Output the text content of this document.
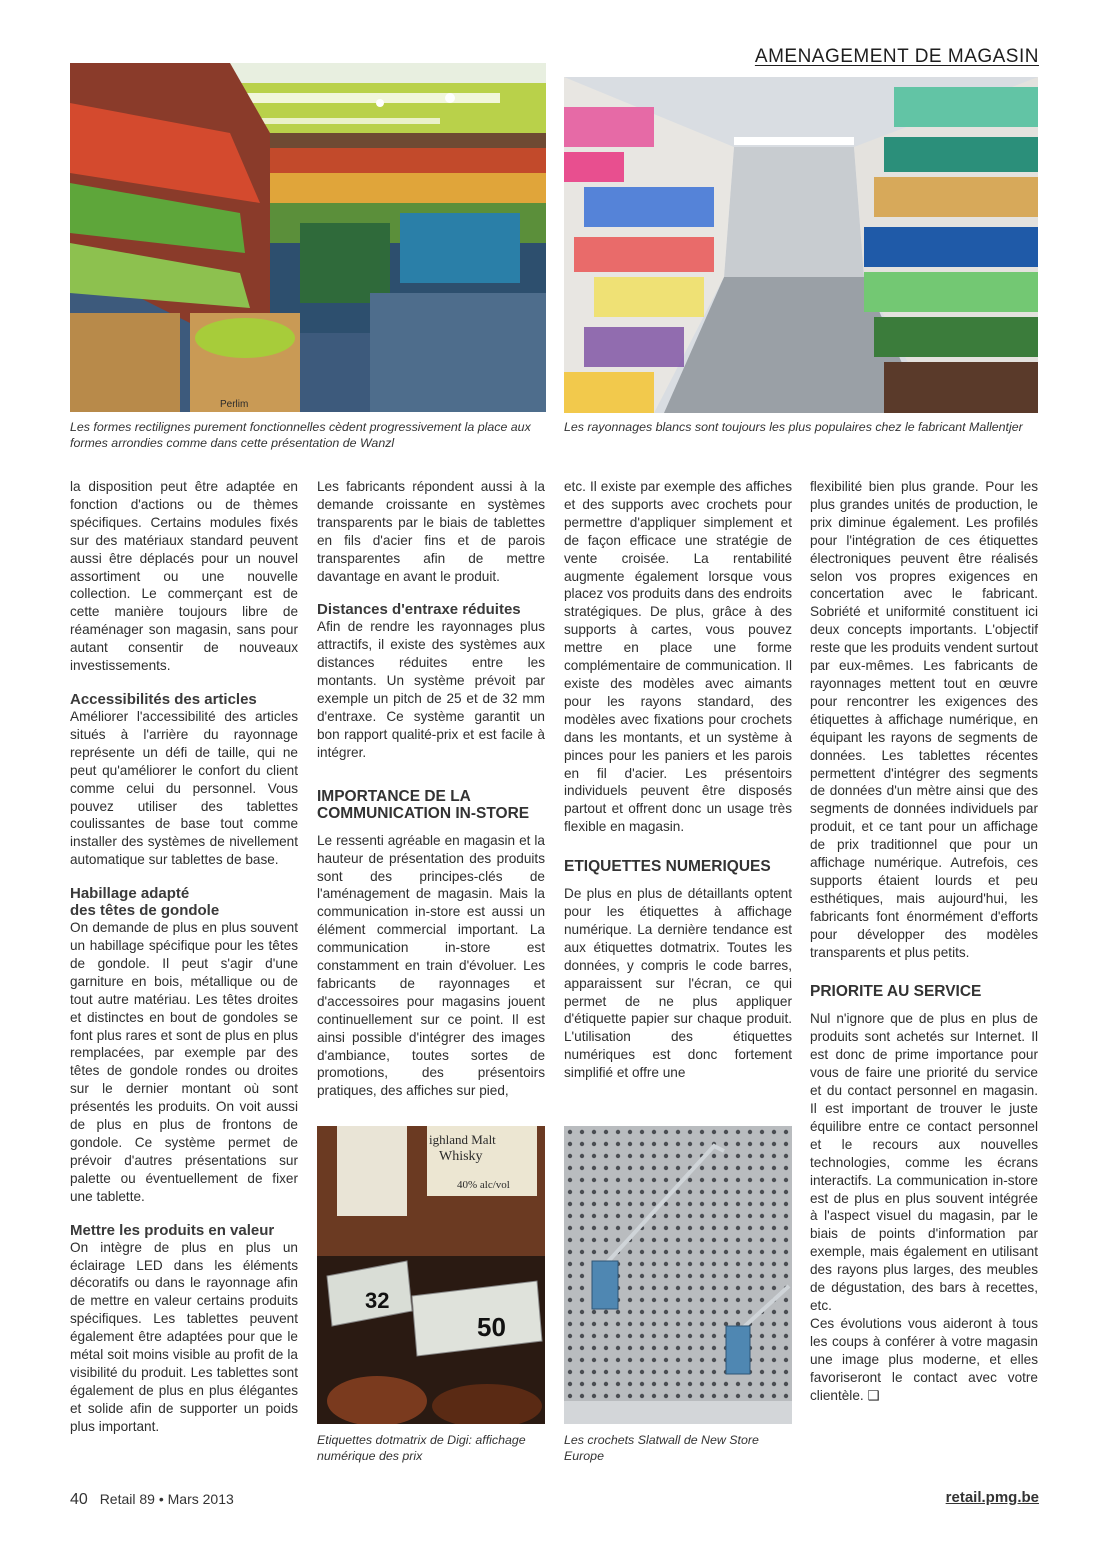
AMENAGEMENT DE MAGASIN
Perlim
Les formes rectilignes purement fonctionnelles cèdent progressivement la place aux formes arrondies comme dans cette présentation de Wanzl
Les rayonnages blancs sont toujours les plus populaires chez le fabricant Mallentjer

la disposition peut être adaptée en fonction d'actions ou de thèmes spécifiques. Certains modules fixés sur des matériaux standard peuvent aussi être déplacés pour un nouvel assortiment ou une nouvelle collection. Le commerçant est de cette manière toujours libre de réaménager son magasin, sans pour autant consentir de nouveaux investissements.

Accessibilités des articles

Améliorer l'accessibilité des articles situés à l'arrière du rayonnage représente un défi de taille, qui ne peut qu'améliorer le confort du client comme celui du personnel. Vous pouvez utiliser des tablettes coulissantes de base tout comme installer des systèmes de nivellement automatique sur tablettes de base.

Habillage adapté
des têtes de gondole

On demande de plus en plus souvent un habillage spécifique pour les têtes de gondole. Il peut s'agir d'une garniture en bois, métallique ou de tout autre matériau. Les têtes droites et distinctes en bout de gondoles se font plus rares et sont de plus en plus remplacées, par exemple par des têtes de gondole rondes ou droites sur le dernier montant où sont présentés les produits. On voit aussi de plus en plus de frontons de gondole. Ce système permet de prévoir d'autres présentations sur palette ou éventuellement de fixer une tablette.

Mettre les produits en valeur

On intègre de plus en plus un éclairage LED dans les éléments décoratifs ou dans le rayonnage afin de mettre en valeur certains produits spécifiques. Les tablettes peuvent également être adaptées pour que le métal soit moins visible au profit de la visibilité du produit. Les tablettes sont également de plus en plus élégantes et solide afin de supporter un poids plus important.

Les fabricants répondent aussi à la demande croissante en systèmes transparents par le biais de tablettes en fils d'acier fins et de parois transparentes afin de mettre davantage en avant le produit.

Distances d'entraxe réduites

Afin de rendre les rayonnages plus attractifs, il existe des systèmes aux distances réduites entre les montants. Un système prévoit par exemple un pitch de 25 et de 32 mm d'entraxe. Ce système garantit un bon rapport qualité-prix et est facile à intégrer.

IMPORTANCE DE LA
COMMUNICATION IN-STORE

Le ressenti agréable en magasin et la hauteur de présentation des produits sont des principes-clés de l'aménagement de magasin. Mais la communication in-store est aussi un élément commercial important. La communication in-store est constamment en train d'évoluer. Les fabricants de rayonnages et d'accessoires pour magasins jouent continuellement sur ce point. Il est ainsi possible d'intégrer des images d'ambiance, toutes sortes de promotions, des présentoirs pratiques, des affiches sur pied,

etc. Il existe par exemple des affiches et des supports avec crochets pour permettre d'appliquer simplement et de façon efficace une stratégie de vente croisée. La rentabilité augmente également lorsque vous placez vos produits dans des endroits stratégiques. De plus, grâce à des supports à cartes, vous pouvez mettre en place une forme complémentaire de communication. Il existe des modèles avec aimants pour les rayons standard, des modèles avec fixations pour crochets dans les montants, et un système à pinces pour les paniers et les parois en fil d'acier. Les présentoirs individuels peuvent être disposés partout et offrent donc un usage très flexible en magasin.

ETIQUETTES NUMERIQUES

De plus en plus de détaillants optent pour les étiquettes à affichage numérique. La dernière tendance est aux étiquettes dotmatrix. Toutes les données, y compris le code barres, apparaissent sur l'écran, ce qui permet de ne plus appliquer d'étiquette papier sur chaque produit. L'utilisation des étiquettes numériques est donc fortement simplifié et offre une

flexibilité bien plus grande. Pour les plus grandes unités de production, le prix diminue également. Les profilés pour l'intégration de ces étiquettes électroniques peuvent être réalisés selon vos propres exigences en concertation avec le fabricant. Sobriété et uniformité constituent ici deux concepts importants. L'objectif reste que les produits vendent surtout par eux-mêmes. Les fabricants de rayonnages mettent tout en œuvre pour rencontrer les exigences des étiquettes à affichage numérique, en équipant les rayons de segments de données. Les tablettes récentes permettent d'intégrer des segments de données d'un mètre ainsi que des segments de données individuels par produit, et ce tant pour un affichage de prix traditionnel que pour un affichage numérique. Autrefois, ces supports étaient lourds et peu esthétiques, mais aujourd'hui, les fabricants font énormément d'efforts pour développer des modèles transparents et plus petits.

PRIORITE AU SERVICE

Nul n'ignore que de plus en plus de produits sont achetés sur Internet. Il est donc de prime importance pour vous de faire une priorité du service et du contact personnel en magasin. Il est important de trouver le juste équilibre entre ce contact personnel et le recours aux nouvelles technologies, comme les écrans interactifs. La communication in-store est de plus en plus souvent intégrée à l'aspect visuel du magasin, par le biais de points d'information par exemple, mais également en utilisant des rayons plus larges, des meubles de dégustation, des bars à recettes, etc.

Ces évolutions vous aideront à tous les coups à conférer à votre magasin une image plus moderne, et elles favoriseront le contact avec votre clientèle. ❑

ighland Malt
Whisky
40% alc/vol
32
50
Etiquettes dotmatrix de Digi: affichage numérique des prix
Les crochets Slatwall de New Store Europe
40 Retail 89 • Mars 2013	retail.pmg.be
